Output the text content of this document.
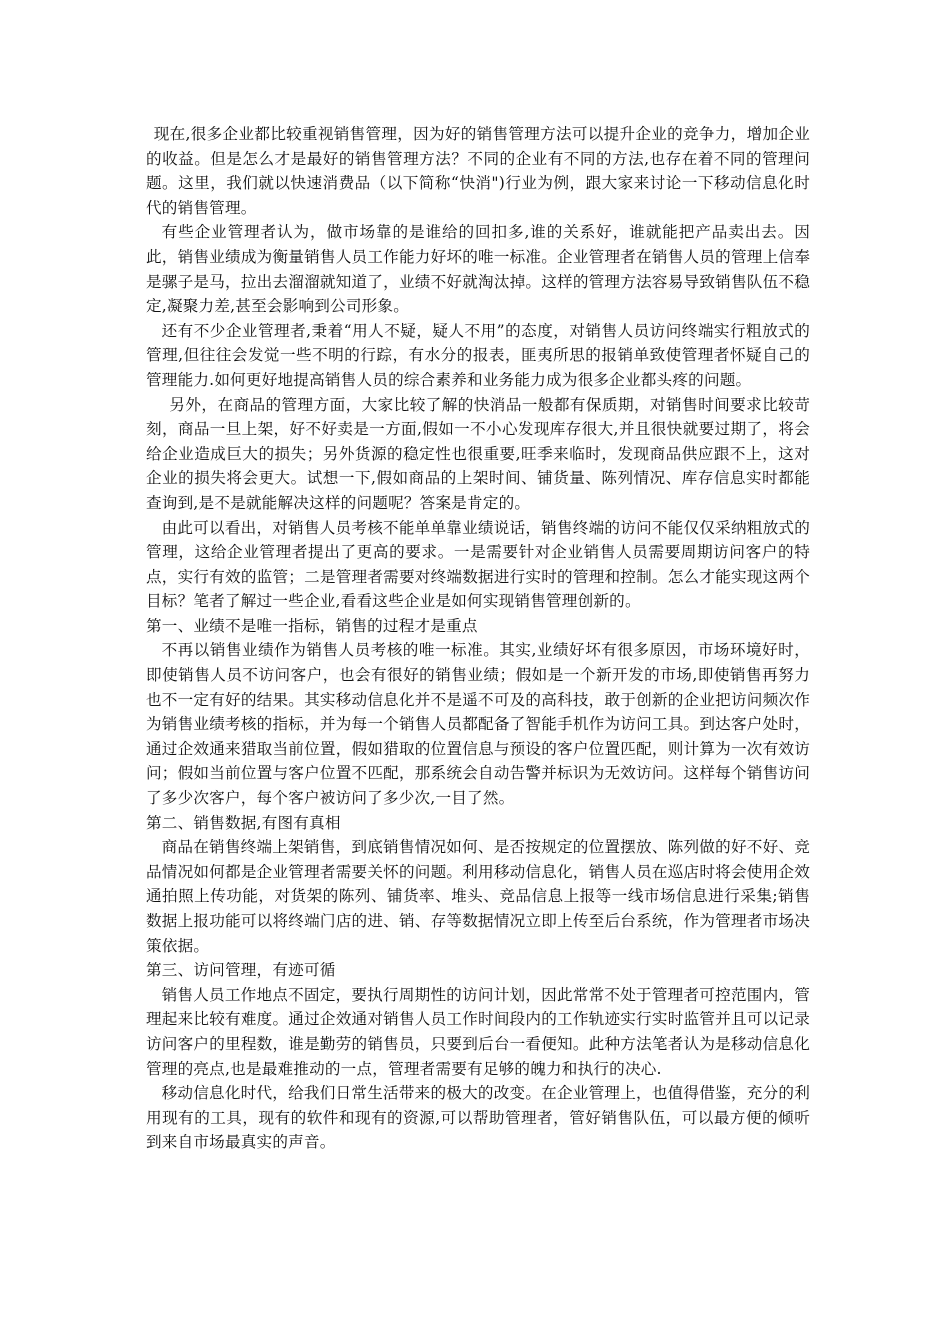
现在,很多企业都比较重视销售管理，因为好的销售管理方法可以提升企业的竞争力，增加企业的收益。但是怎么才是最好的销售管理方法？不同的企业有不同的方法,也存在着不同的管理问题。这里，我们就以快速消费品（以下简称“快消")行业为例，跟大家来讨论一下移动信息化时代的销售管理。

有些企业管理者认为，做市场靠的是谁给的回扣多,谁的关系好，谁就能把产品卖出去。因此，销售业绩成为衡量销售人员工作能力好坏的唯一标准。企业管理者在销售人员的管理上信奉是骡子是马，拉出去溜溜就知道了，业绩不好就淘汰掉。这样的管理方法容易导致销售队伍不稳定,凝聚力差,甚至会影响到公司形象。

还有不少企业管理者,秉着“用人不疑，疑人不用”的态度，对销售人员访问终端实行粗放式的管理,但往往会发觉一些不明的行踪，有水分的报表，匪夷所思的报销单致使管理者怀疑自己的管理能力.如何更好地提高销售人员的综合素养和业务能力成为很多企业都头疼的问题。

另外，在商品的管理方面，大家比较了解的快消品一般都有保质期，对销售时间要求比较苛刻，商品一旦上架，好不好卖是一方面,假如一不小心发现库存很大,并且很快就要过期了，将会给企业造成巨大的损失；另外货源的稳定性也很重要,旺季来临时，发现商品供应跟不上，这对企业的损失将会更大。试想一下,假如商品的上架时间、铺货量、陈列情况、库存信息实时都能查询到,是不是就能解决这样的问题呢？答案是肯定的。

由此可以看出，对销售人员考核不能单单靠业绩说话，销售终端的访问不能仅仅采纳粗放式的管理，这给企业管理者提出了更高的要求。一是需要针对企业销售人员需要周期访问客户的特点，实行有效的监管；二是管理者需要对终端数据进行实时的管理和控制。怎么才能实现这两个目标？笔者了解过一些企业,看看这些企业是如何实现销售管理创新的。

第一、业绩不是唯一指标，销售的过程才是重点

不再以销售业绩作为销售人员考核的唯一标准。其实,业绩好坏有很多原因，市场环境好时，即使销售人员不访问客户，也会有很好的销售业绩；假如是一个新开发的市场,即使销售再努力也不一定有好的结果。其实移动信息化并不是遥不可及的高科技，敢于创新的企业把访问频次作为销售业绩考核的指标，并为每一个销售人员都配备了智能手机作为访问工具。到达客户处时，通过企效通来猎取当前位置，假如猎取的位置信息与预设的客户位置匹配，则计算为一次有效访问；假如当前位置与客户位置不匹配，那系统会自动告警并标识为无效访问。这样每个销售访问了多少次客户，每个客户被访问了多少次,一目了然。

第二、销售数据,有图有真相

商品在销售终端上架销售，到底销售情况如何、是否按规定的位置摆放、陈列做的好不好、竞品情况如何都是企业管理者需要关怀的问题。利用移动信息化，销售人员在巡店时将会使用企效通拍照上传功能，对货架的陈列、铺货率、堆头、竞品信息上报等一线市场信息进行采集;销售数据上报功能可以将终端门店的进、销、存等数据情况立即上传至后台系统，作为管理者市场决策依据。

第三、访问管理，有迹可循

销售人员工作地点不固定，要执行周期性的访问计划，因此常常不处于管理者可控范围内，管理起来比较有难度。通过企效通对销售人员工作时间段内的工作轨迹实行实时监管并且可以记录访问客户的里程数，谁是勤劳的销售员，只要到后台一看便知。此种方法笔者认为是移动信息化管理的亮点,也是最难推动的一点，管理者需要有足够的魄力和执行的决心.

移动信息化时代，给我们日常生活带来的极大的改变。在企业管理上，也值得借鉴，充分的利用现有的工具，现有的软件和现有的资源,可以帮助管理者，管好销售队伍，可以最方便的倾听到来自市场最真实的声音。
